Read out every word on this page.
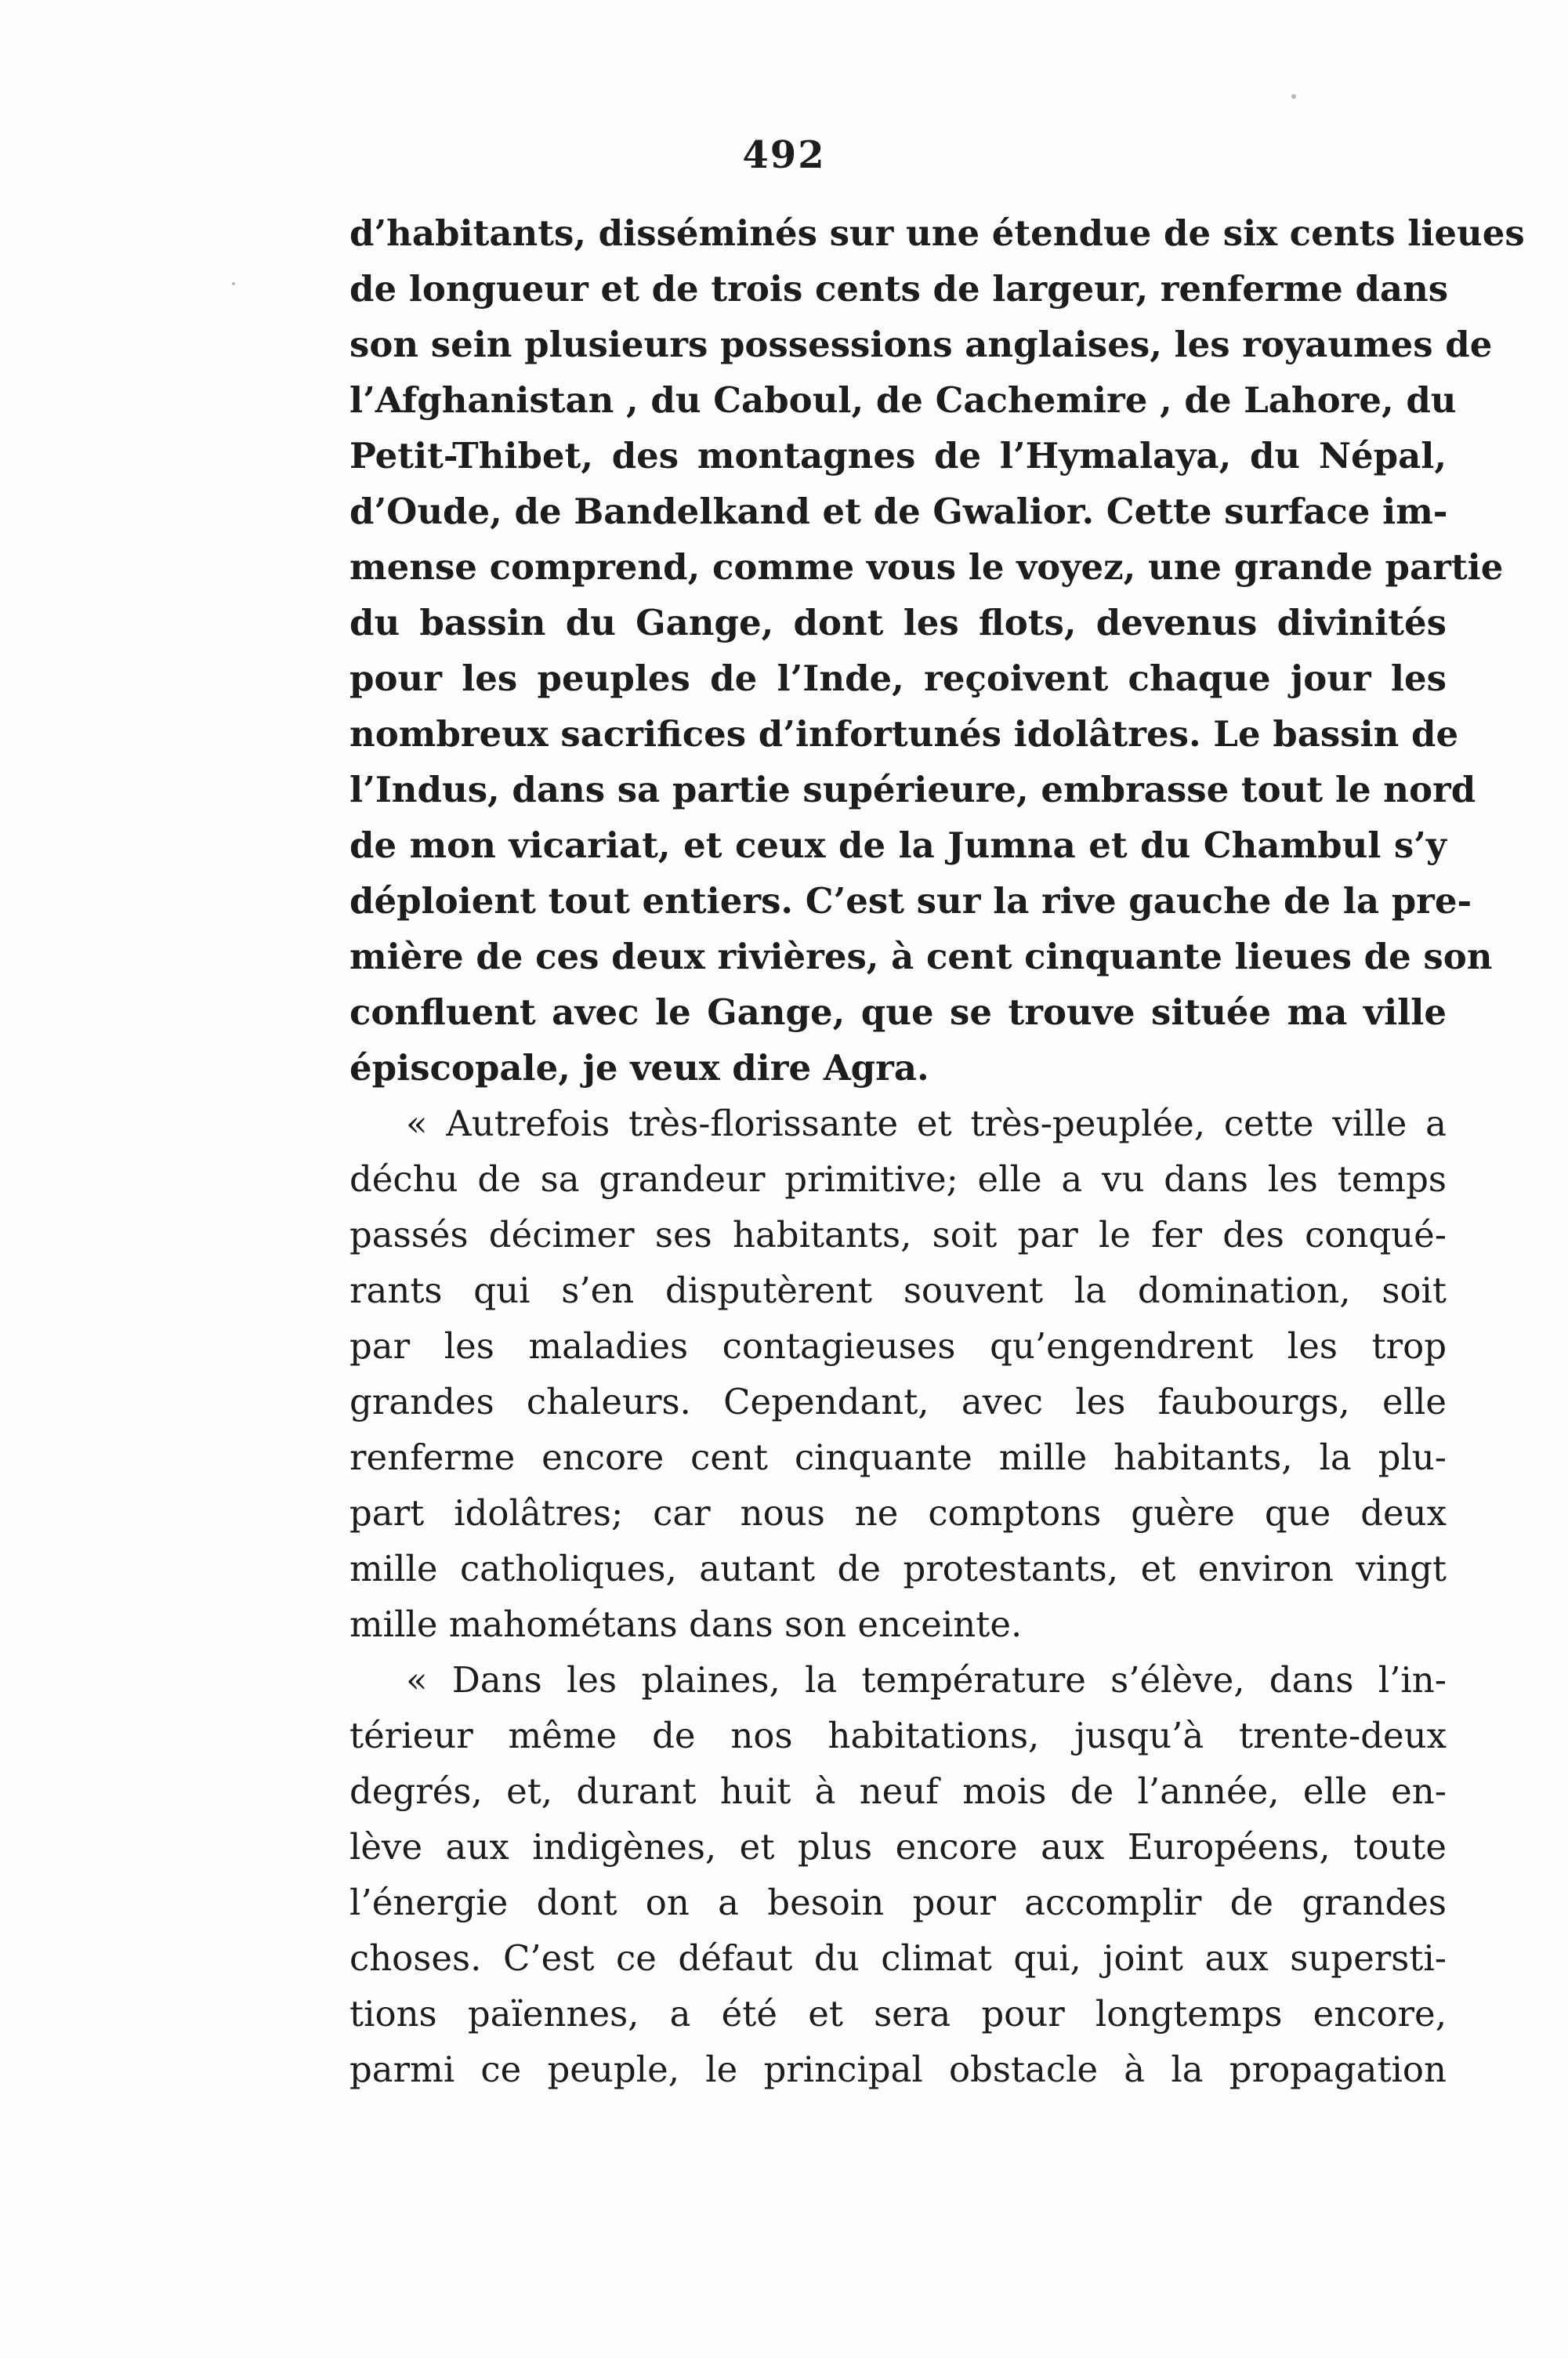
492
d’habitants, disséminés sur une étendue de six cents lieues
de longueur et de trois cents de largeur, renferme dans
son sein plusieurs possessions anglaises, les royaumes de
l’Afghanistan , du Caboul, de Cachemire , de Lahore, du
Petit-Thibet, des montagnes de l’Hymalaya, du Népal,
d’Oude, de Bandelkand et de Gwalior. Cette surface im-
mense comprend, comme vous le voyez, une grande partie
du bassin du Gange, dont les flots, devenus divinités
pour les peuples de l’Inde, reçoivent chaque jour les
nombreux sacrifices d’infortunés idolâtres. Le bassin de
l’Indus, dans sa partie supérieure, embrasse tout le nord
de mon vicariat, et ceux de la Jumna et du Chambul s’y
déploient tout entiers. C’est sur la rive gauche de la pre-
mière de ces deux rivières, à cent cinquante lieues de son
confluent avec le Gange, que se trouve située ma ville
épiscopale, je veux dire Agra.
« Autrefois très-florissante et très-peuplée, cette ville a
déchu de sa grandeur primitive; elle a vu dans les temps
passés décimer ses habitants, soit par le fer des conqué-
rants qui s’en disputèrent souvent la domination, soit
par les maladies contagieuses qu’engendrent les trop
grandes chaleurs. Cependant, avec les faubourgs, elle
renferme encore cent cinquante mille habitants, la plu-
part idolâtres; car nous ne comptons guère que deux
mille catholiques, autant de protestants, et environ vingt
mille mahométans dans son enceinte.
« Dans les plaines, la température s’élève, dans l’in-
térieur même de nos habitations, jusqu’à trente-deux
degrés, et, durant huit à neuf mois de l’année, elle en-
lève aux indigènes, et plus encore aux Européens, toute
l’énergie dont on a besoin pour accomplir de grandes
choses. C’est ce défaut du climat qui, joint aux supersti-
tions païennes, a été et sera pour longtemps encore,
parmi ce peuple, le principal obstacle à la propagation
